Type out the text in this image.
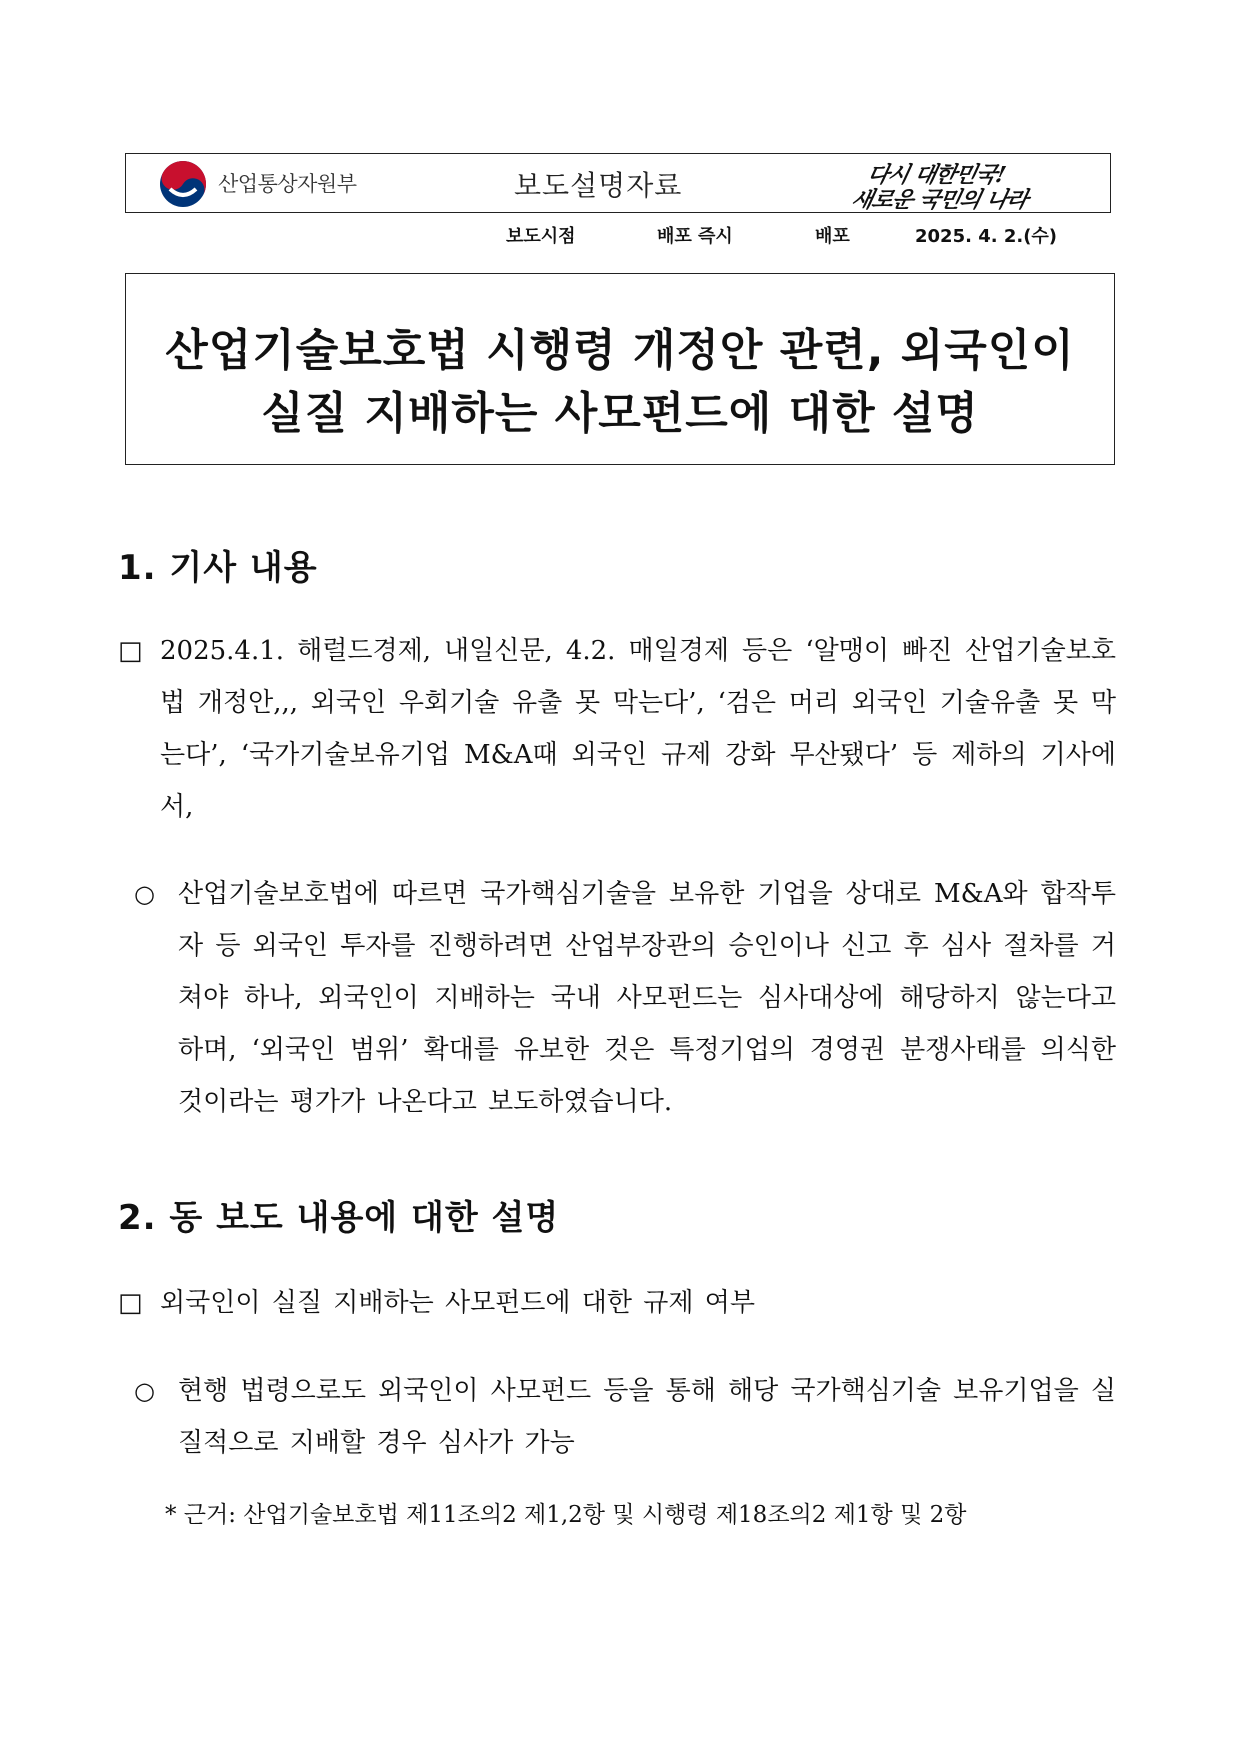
산업통상자원부	보도설명자료	다시 대한민국!
새로운 국민의 나라
보도시점	배포 즉시	배포	2025. 4. 2.(수)
산업기술보호법 시행령 개정안 관련, 외국인이
실질 지배하는 사모펀드에 대한 설명
1. 기사 내용
□ 2025.4.1. 해럴드경제, 내일신문, 4.2. 매일경제 등은 ‘알맹이 빠진 산업기술보호법 개정안,,, 외국인 우회기술 유출 못 막는다’, ‘검은 머리 외국인 기술유출 못 막는다’, ‘국가기술보유기업 M&A때 외국인 규제 강화 무산됐다’ 등 제하의 기사에서,
○ 산업기술보호법에 따르면 국가핵심기술을 보유한 기업을 상대로 M&A와 합작투자 등 외국인 투자를 진행하려면 산업부장관의 승인이나 신고 후 심사 절차를 거쳐야 하나, 외국인이 지배하는 국내 사모펀드는 심사대상에 해당하지 않는다고 하며, ‘외국인 범위’ 확대를 유보한 것은 특정기업의 경영권 분쟁사태를 의식한 것이라는 평가가 나온다고 보도하였습니다.
2. 동 보도 내용에 대한 설명
□ 외국인이 실질 지배하는 사모펀드에 대한 규제 여부
○ 현행 법령으로도 외국인이 사모펀드 등을 통해 해당 국가핵심기술 보유기업을 실질적으로 지배할 경우 심사가 가능
* 근거: 산업기술보호법 제11조의2 제1,2항 및 시행령 제18조의2 제1항 및 2항
